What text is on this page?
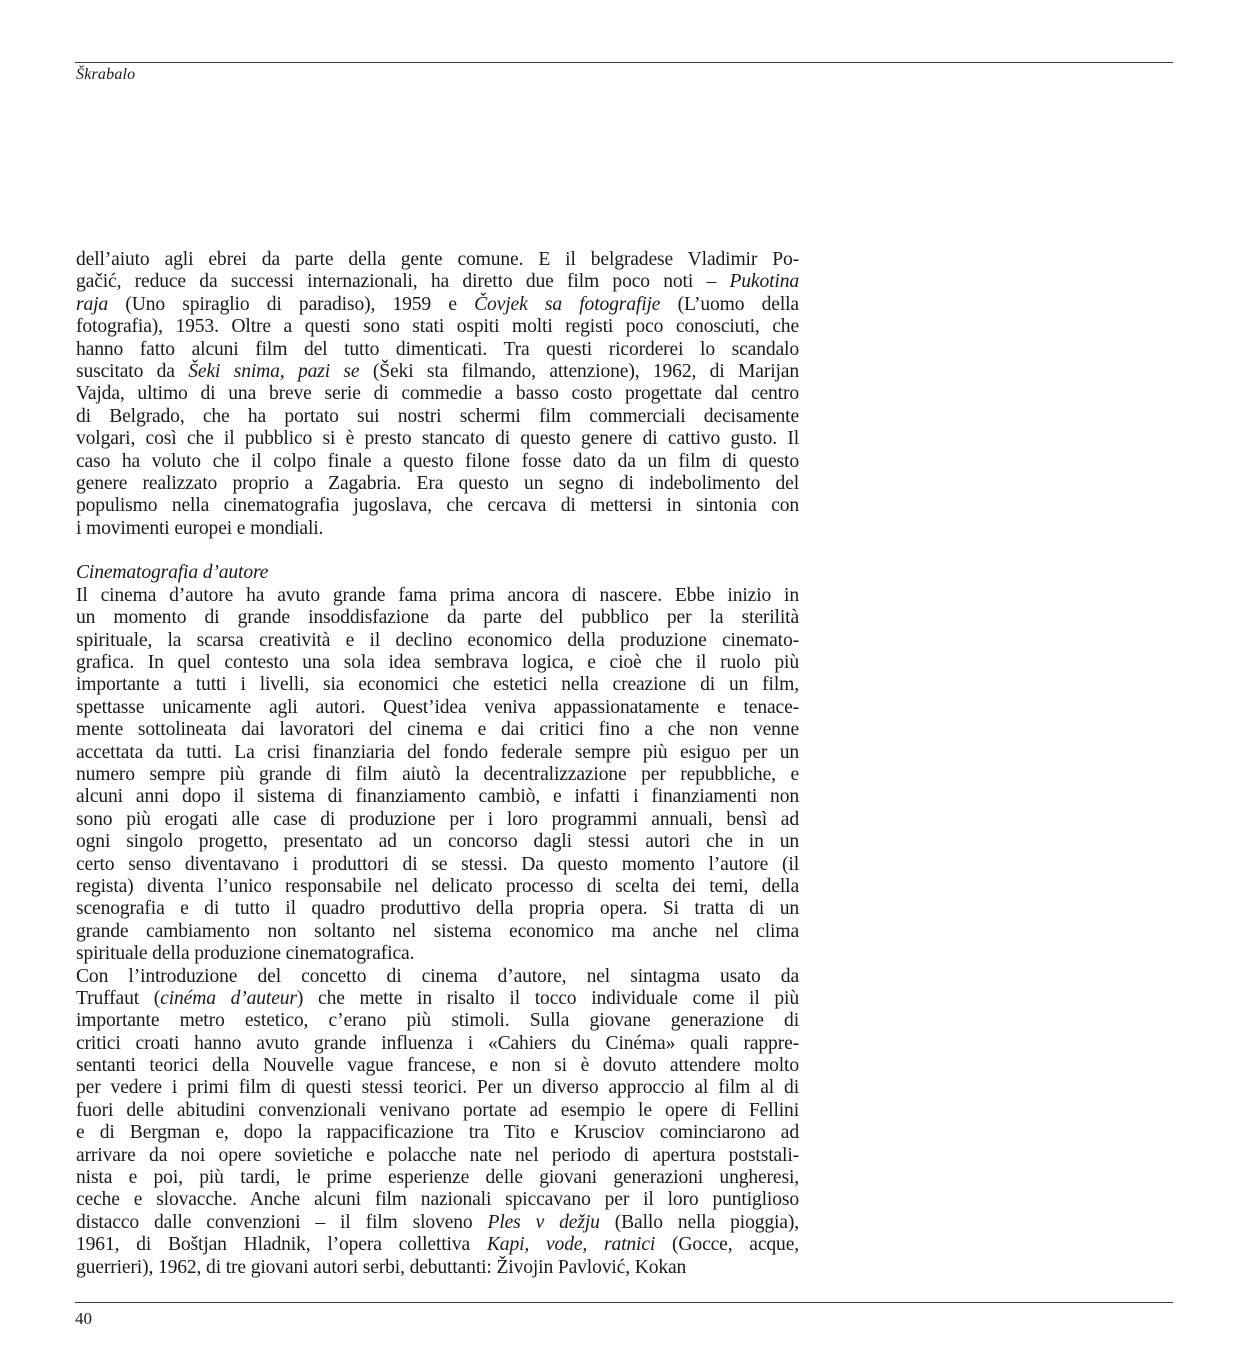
Škrabalo
dell’aiuto agli ebrei da parte della gente comune. E il belgradese Vladimir Po-
gačić, reduce da successi internazionali, ha diretto due film poco noti – Pukotina
raja (Uno spiraglio di paradiso), 1959 e Čovjek sa fotografije (L’uomo della
fotografia), 1953. Oltre a questi sono stati ospiti molti registi poco conosciuti, che
hanno fatto alcuni film del tutto dimenticati. Tra questi ricorderei lo scandalo
suscitato da Šeki snima, pazi se (Šeki sta filmando, attenzione), 1962, di Marijan
Vajda, ultimo di una breve serie di commedie a basso costo progettate dal centro
di Belgrado, che ha portato sui nostri schermi film commerciali decisamente
volgari, così che il pubblico si è presto stancato di questo genere di cattivo gusto. Il
caso ha voluto che il colpo finale a questo filone fosse dato da un film di questo
genere realizzato proprio a Zagabria. Era questo un segno di indebolimento del
populismo nella cinematografia jugoslava, che cercava di mettersi in sintonia con
i movimenti europei e mondiali.
Cinematografia d’autore
Il cinema d’autore ha avuto grande fama prima ancora di nascere. Ebbe inizio in
un momento di grande insoddisfazione da parte del pubblico per la sterilità
spirituale, la scarsa creatività e il declino economico della produzione cinemato-
grafica. In quel contesto una sola idea sembrava logica, e cioè che il ruolo più
importante a tutti i livelli, sia economici che estetici nella creazione di un film,
spettasse unicamente agli autori. Quest’idea veniva appassionatamente e tenace-
mente sottolineata dai lavoratori del cinema e dai critici fino a che non venne
accettata da tutti. La crisi finanziaria del fondo federale sempre più esiguo per un
numero sempre più grande di film aiutò la decentralizzazione per repubbliche, e
alcuni anni dopo il sistema di finanziamento cambiò, e infatti i finanziamenti non
sono più erogati alle case di produzione per i loro programmi annuali, bensì ad
ogni singolo progetto, presentato ad un concorso dagli stessi autori che in un
certo senso diventavano i produttori di se stessi. Da questo momento l’autore (il
regista) diventa l’unico responsabile nel delicato processo di scelta dei temi, della
scenografia e di tutto il quadro produttivo della propria opera. Si tratta di un
grande cambiamento non soltanto nel sistema economico ma anche nel clima
spirituale della produzione cinematografica.
Con l’introduzione del concetto di cinema d’autore, nel sintagma usato da
Truffaut (cinéma d’auteur) che mette in risalto il tocco individuale come il più
importante metro estetico, c’erano più stimoli. Sulla giovane generazione di
critici croati hanno avuto grande influenza i «Cahiers du Cinéma» quali rappre-
sentanti teorici della Nouvelle vague francese, e non si è dovuto attendere molto
per vedere i primi film di questi stessi teorici. Per un diverso approccio al film al di
fuori delle abitudini convenzionali venivano portate ad esempio le opere di Fellini
e di Bergman e, dopo la rappacificazione tra Tito e Krusciov cominciarono ad
arrivare da noi opere sovietiche e polacche nate nel periodo di apertura poststali-
nista e poi, più tardi, le prime esperienze delle giovani generazioni ungheresi,
ceche e slovacche. Anche alcuni film nazionali spiccavano per il loro puntiglioso
distacco dalle convenzioni – il film sloveno Ples v dežju (Ballo nella pioggia),
1961, di Boštjan Hladnik, l’opera collettiva Kapi, vode, ratnici (Gocce, acque,
guerrieri), 1962, di tre giovani autori serbi, debuttanti: Živojin Pavlović, Kokan
40
